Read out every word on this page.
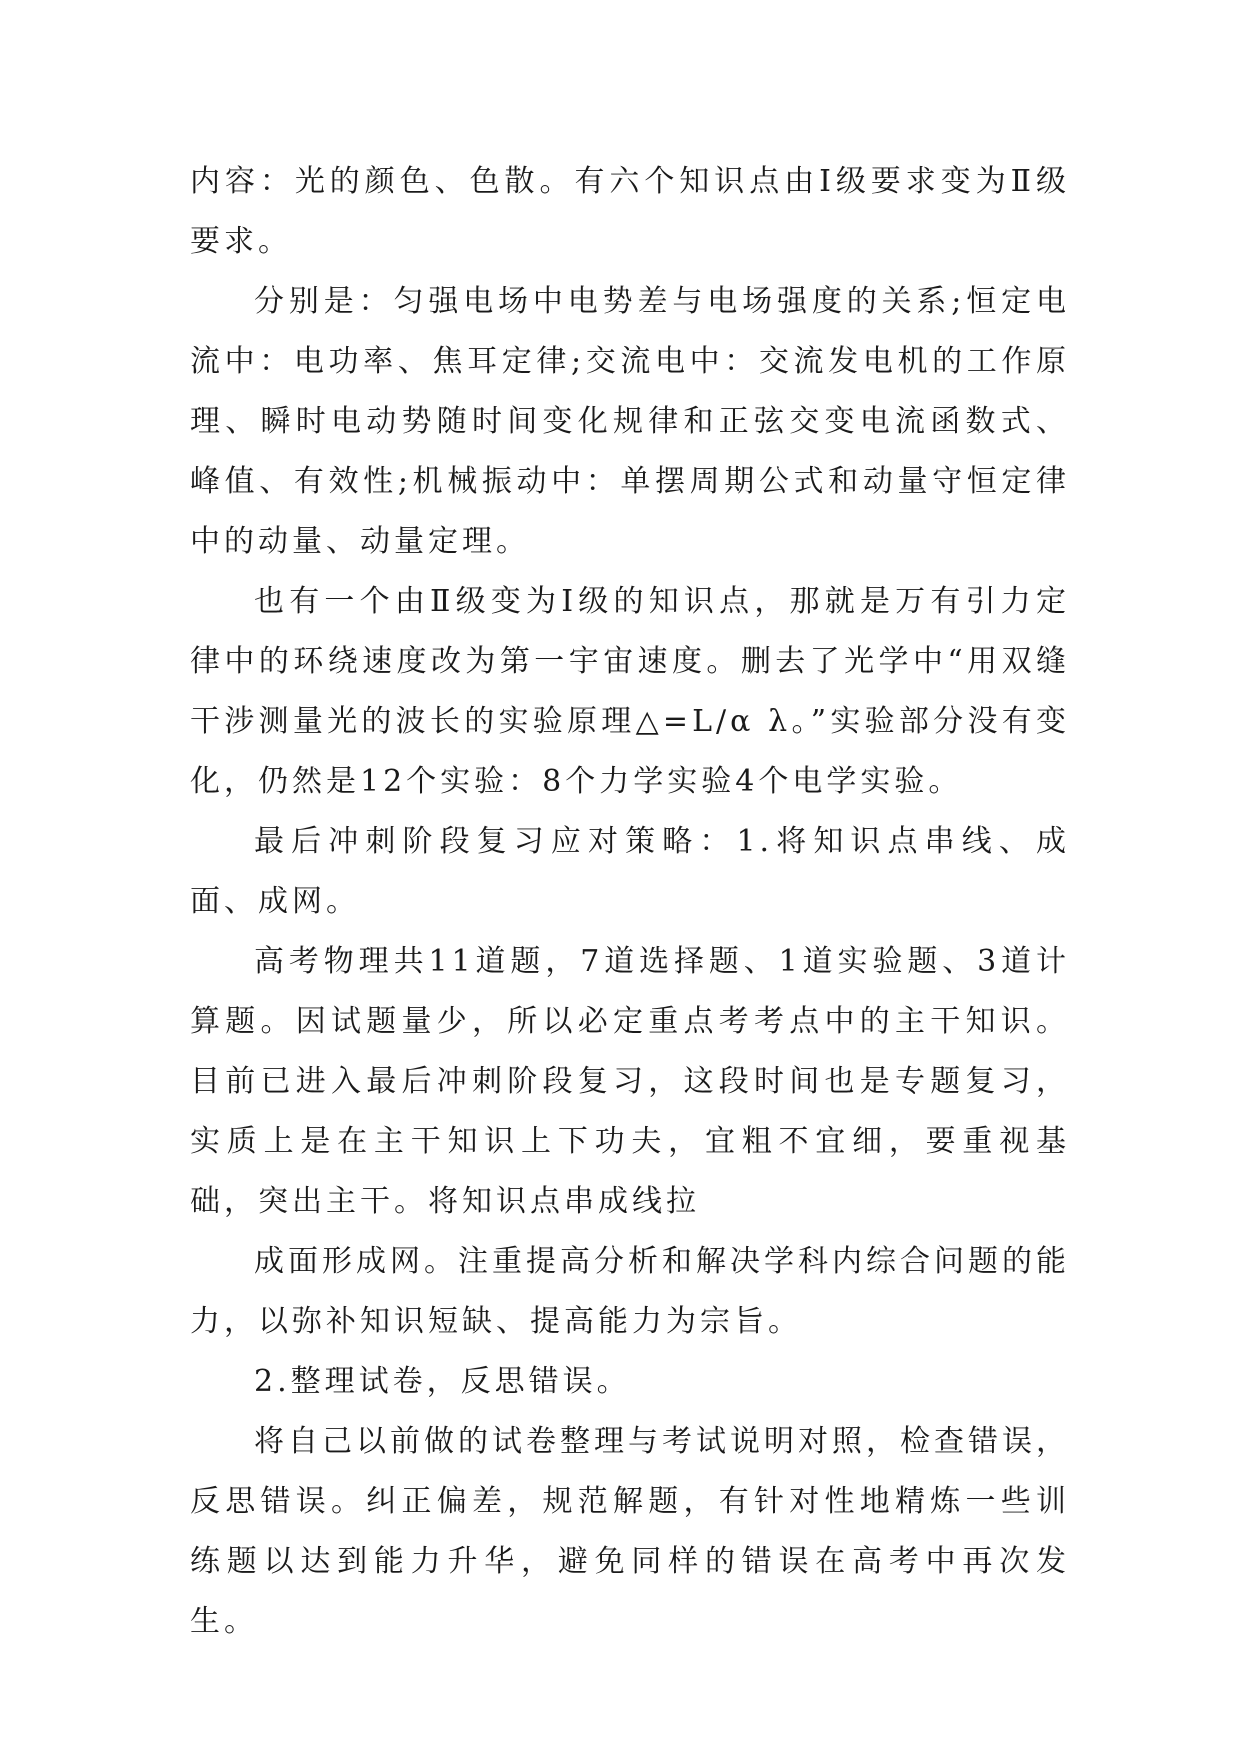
内容：光的颜色、色散。有六个知识点由Ⅰ级要求变为Ⅱ级要求。

分别是：匀强电场中电势差与电场强度的关系;恒定电流中：电功率、焦耳定律;交流电中：交流发电机的工作原理、瞬时电动势随时间变化规律和正弦交变电流函数式、峰值、有效性;机械振动中：单摆周期公式和动量守恒定律中的动量、动量定理。

也有一个由Ⅱ级变为Ⅰ级的知识点，那就是万有引力定律中的环绕速度改为第一宇宙速度。删去了光学中“用双缝干涉测量光的波长的实验原理△=L/α λ。”实验部分没有变化，仍然是12个实验：8个力学实验4个电学实验。

最后冲刺阶段复习应对策略：1.将知识点串线、成面、成网。

高考物理共11道题，7道选择题、1道实验题、3道计算题。因试题量少，所以必定重点考考点中的主干知识。目前已进入最后冲刺阶段复习，这段时间也是专题复习，实质上是在主干知识上下功夫，宜粗不宜细，要重视基础，突出主干。将知识点串成线拉

成面形成网。注重提高分析和解决学科内综合问题的能力，以弥补知识短缺、提高能力为宗旨。

2.整理试卷，反思错误。

将自己以前做的试卷整理与考试说明对照，检查错误，反思错误。纠正偏差，规范解题，有针对性地精炼一些训练题以达到能力升华，避免同样的错误在高考中再次发生。
